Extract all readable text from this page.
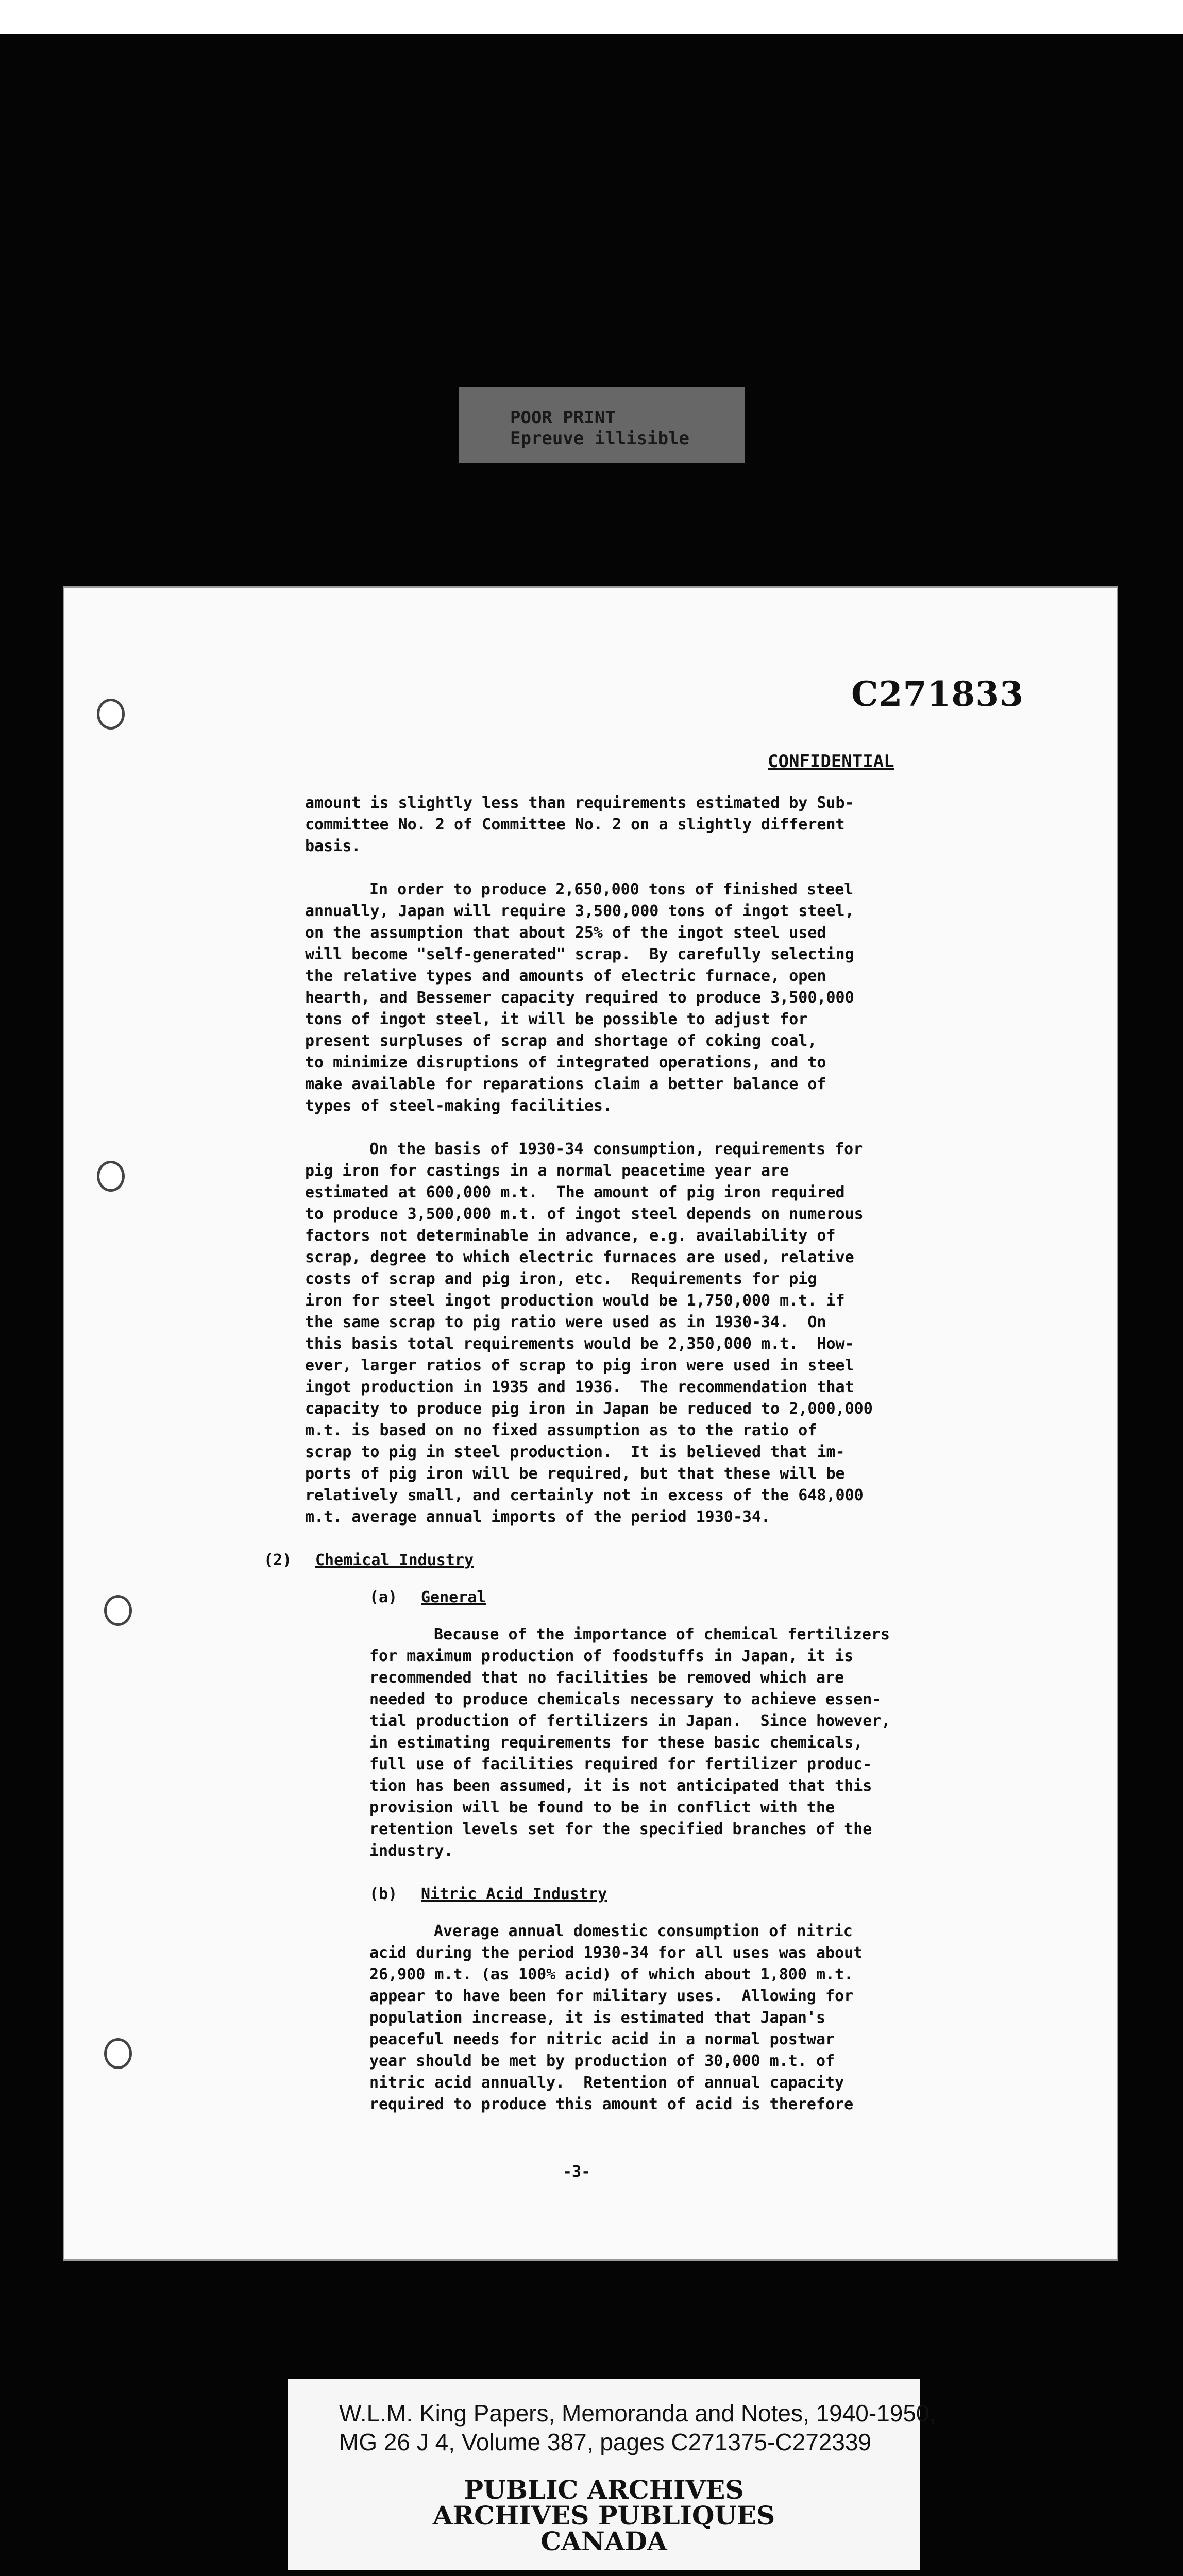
POOR PRINT
Epreuve illisible
C271833
CONFIDENTIAL

amount is slightly less than requirements estimated by Sub-
committee No. 2 of Committee No. 2 on a slightly different
basis.

In order to produce 2,650,000 tons of finished steel
annually, Japan will require 3,500,000 tons of ingot steel,
on the assumption that about 25% of the ingot steel used
will become "self-generated" scrap.  By carefully selecting
the relative types and amounts of electric furnace, open
hearth, and Bessemer capacity required to produce 3,500,000
tons of ingot steel, it will be possible to adjust for
present surpluses of scrap and shortage of coking coal,
to minimize disruptions of integrated operations, and to
make available for reparations claim a better balance of
types of steel-making facilities.

On the basis of 1930-34 consumption, requirements for
pig iron for castings in a normal peacetime year are
estimated at 600,000 m.t.  The amount of pig iron required
to produce 3,500,000 m.t. of ingot steel depends on numerous
factors not determinable in advance, e.g. availability of
scrap, degree to which electric furnaces are used, relative
costs of scrap and pig iron, etc.  Requirements for pig
iron for steel ingot production would be 1,750,000 m.t. if
the same scrap to pig ratio were used as in 1930-34.  On
this basis total requirements would be 2,350,000 m.t.  How-
ever, larger ratios of scrap to pig iron were used in steel
ingot production in 1935 and 1936.  The recommendation that
capacity to produce pig iron in Japan be reduced to 2,000,000
m.t. is based on no fixed assumption as to the ratio of
scrap to pig in steel production.  It is believed that im-
ports of pig iron will be required, but that these will be
relatively small, and certainly not in excess of the 648,000
m.t. average annual imports of the period 1930-34.

(2) Chemical Industry
(a) General

Because of the importance of chemical fertilizers
for maximum production of foodstuffs in Japan, it is
recommended that no facilities be removed which are
needed to produce chemicals necessary to achieve essen-
tial production of fertilizers in Japan.  Since however,
in estimating requirements for these basic chemicals,
full use of facilities required for fertilizer produc-
tion has been assumed, it is not anticipated that this
provision will be found to be in conflict with the
retention levels set for the specified branches of the
industry.

(b) Nitric Acid Industry

Average annual domestic consumption of nitric
acid during the period 1930-34 for all uses was about
26,900 m.t. (as 100% acid) of which about 1,800 m.t.
appear to have been for military uses.  Allowing for
population increase, it is estimated that Japan's
peaceful needs for nitric acid in a normal postwar
year should be met by production of 30,000 m.t. of
nitric acid annually.  Retention of annual capacity
required to produce this amount of acid is therefore

-3-
W.L.M. King Papers, Memoranda and Notes, 1940-1950,
MG 26 J 4, Volume 387, pages C271375-C272339
PUBLIC ARCHIVES
ARCHIVES PUBLIQUES
CANADA
